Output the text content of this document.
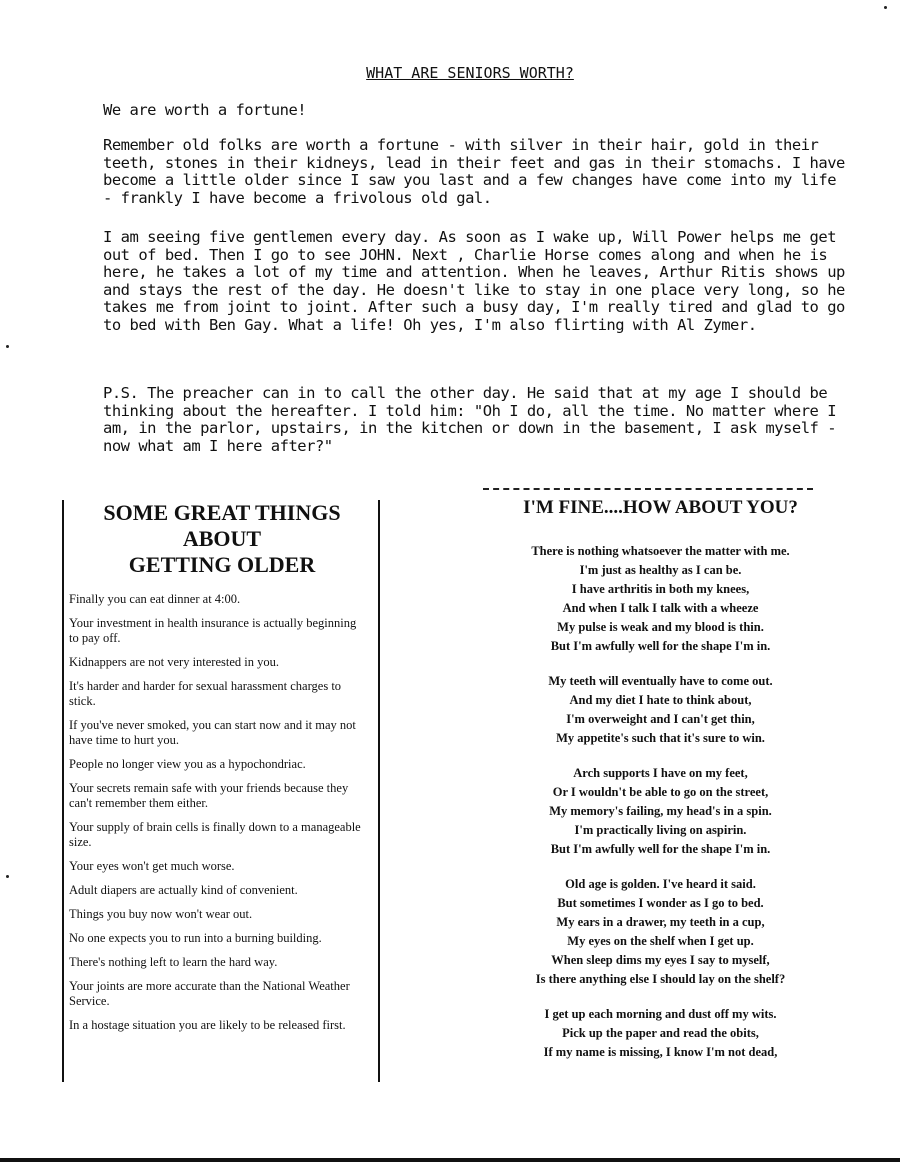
WHAT ARE SENIORS WORTH?

We are worth a fortune!

Remember old folks are worth a fortune - with silver in their hair, gold in their teeth, stones in their kidneys, lead in their feet and gas in their stomachs. I have become a little older since I saw you last and a few changes have come into my life - frankly I have become a frivolous old gal.

I am seeing five gentlemen every day. As soon as I wake up, Will Power helps me get out of bed. Then I go to see JOHN. Next , Charlie Horse comes along and when he is here, he takes a lot of my time and attention. When he leaves, Arthur Ritis shows up and stays the rest of the day. He doesn't like to stay in one place very long, so he takes me from joint to joint. After such a busy day, I'm really tired and glad to go to bed with Ben Gay. What a life! Oh yes, I'm also flirting with Al Zymer.

P.S. The preacher can in to call the other day. He said that at my age I should be thinking about the hereafter. I told him: "Oh I do, all the time. No matter where I am, in the parlor, upstairs, in the kitchen or down in the basement, I ask myself - now what am I here after?"

SOME GREAT THINGS
ABOUT
GETTING OLDER
Finally you can eat dinner at 4:00.
Your investment in health insurance is actually beginning to pay off.
Kidnappers are not very interested in you.
It's harder and harder for sexual harassment charges to stick.
If you've never smoked, you can start now and it may not have time to hurt you.
People no longer view you as a hypochondriac.
Your secrets remain safe with your friends because they can't remember them either.
Your supply of brain cells is finally down to a manageable size.
Your eyes won't get much worse.
Adult diapers are actually kind of convenient.
Things you buy now won't wear out.
No one expects you to run into a burning building.
There's nothing left to learn the hard way.
Your joints are more accurate than the National Weather Service.
In a hostage situation you are likely to be released first.
I'M FINE....HOW ABOUT YOU?
There is nothing whatsoever the matter with me.
I'm just as healthy as I can be.
I have arthritis in both my knees,
And when I talk I talk with a wheeze
My pulse is weak and my blood is thin.
But I'm awfully well for the shape I'm in.
My teeth will eventually have to come out.
And my diet I hate to think about,
I'm overweight and I can't get thin,
My appetite's such that it's sure to win.
Arch supports I have on my feet,
Or I wouldn't be able to go on the street,
My memory's failing, my head's in a spin.
I'm practically living on aspirin.
But I'm awfully well for the shape I'm in.
Old age is golden. I've heard it said.
But sometimes I wonder as I go to bed.
My ears in a drawer, my teeth in a cup,
My eyes on the shelf when I get up.
When sleep dims my eyes I say to myself,
Is there anything else I should lay on the shelf?
I get up each morning and dust off my wits.
Pick up the paper and read the obits,
If my name is missing, I know I'm not dead,
